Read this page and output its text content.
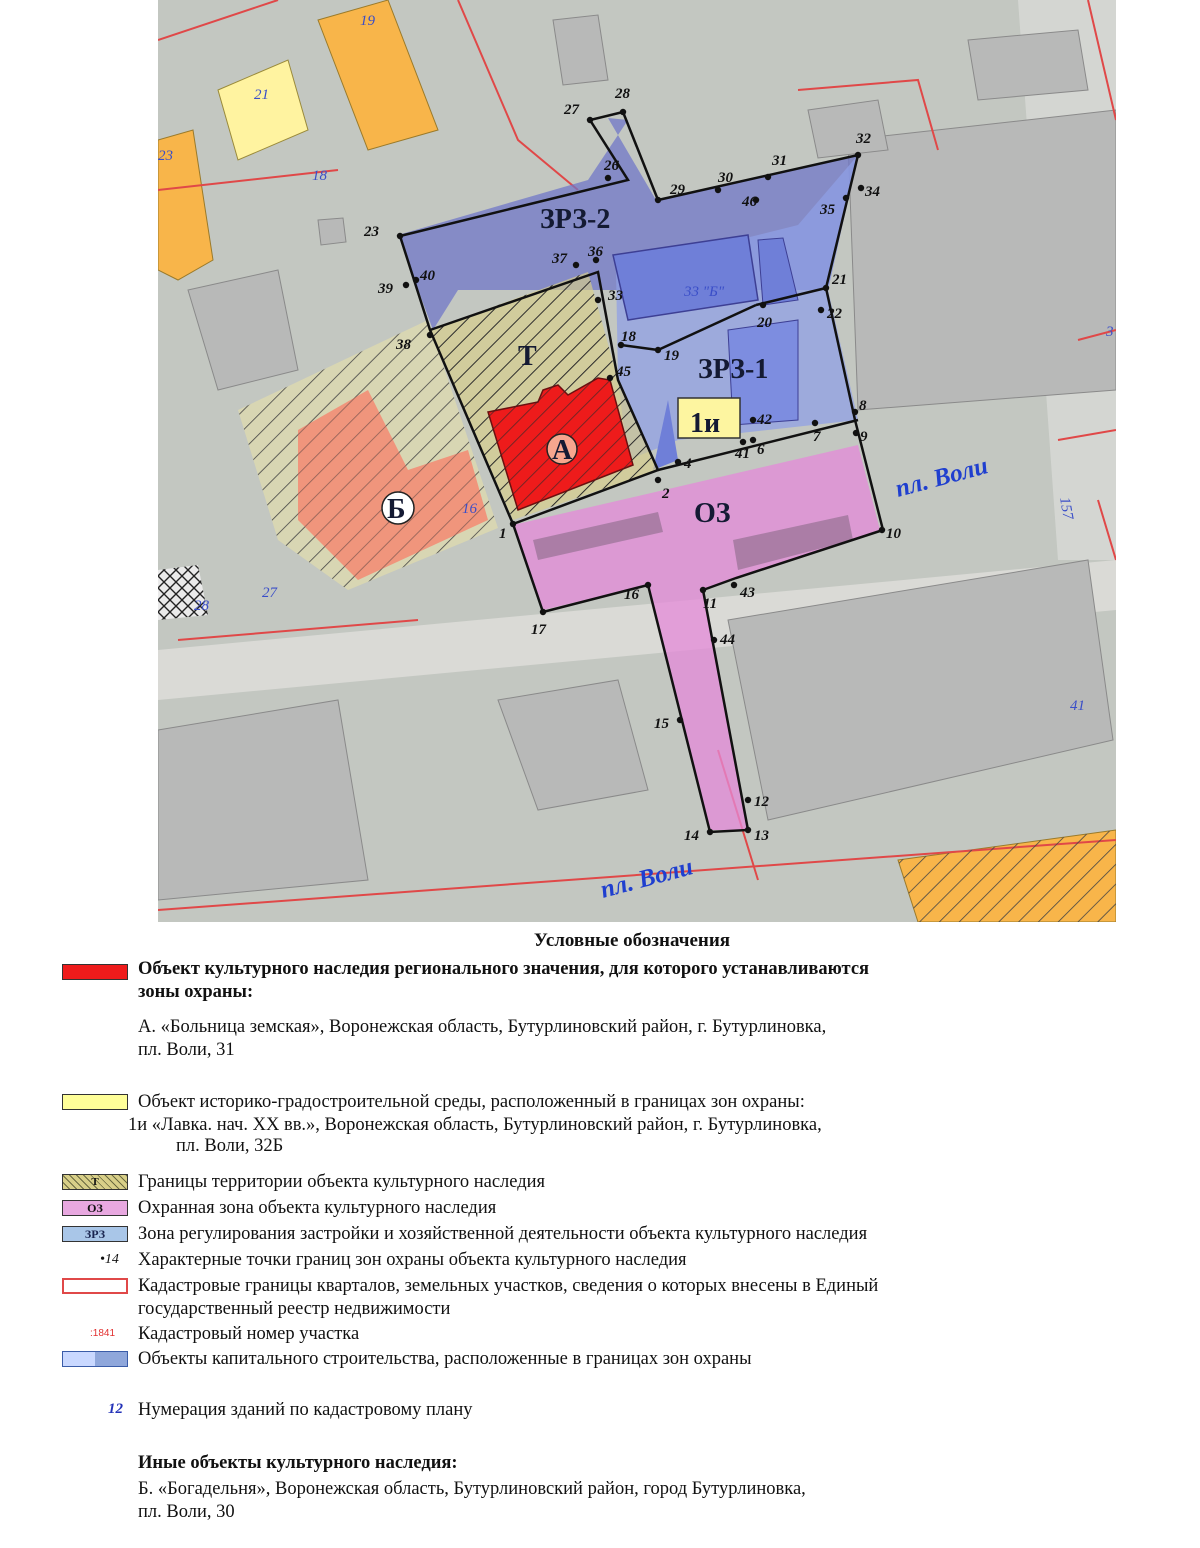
ЗРЗ-2
ЗРЗ-1
Т
ОЗ
А
Б
1и
33 "Б"
пл. Воли
пл. Воли
19
21
23
18
27
28
41
157
3
16
1
2
4
6
7
8
9
10
11
12
13
14
15
16
17
18
19
20
21
22
23
26
27
28
29
30
31
32
33
34
35
36
37
38
39
40
41
42
43
44
45
46
Условные обозначения
Объект культурного наследия регионального значения, для которого устанавливаются
зоны охраны:
А. «Больница земская», Воронежская область, Бутурлиновский район, г. Бутурлиновка,
пл. Воли, 31
Объект историко-градостроительной среды, расположенный в границах зон охраны:
1и «Лавка. нач. ХХ вв.», Воронежская область, Бутурлиновский район, г. Бутурлиновка,
пл. Воли, 32Б
Т	Границы территории объекта культурного наследия
ОЗ	Охранная зона объекта культурного наследия
ЗРЗ	Зона регулирования застройки и хозяйственной деятельности объекта культурного наследия
•14 Характерные точки границ зон охраны объекта культурного наследия
Кадастровые границы кварталов, земельных участков, сведения о которых внесены в Единый
государственный реестр недвижимости
:1841 Кадастровый номер участка
Объекты капитального строительства, расположенные в границах зон охраны
12 Нумерация зданий по кадастровому плану
Иные объекты культурного наследия:
Б. «Богадельня», Воронежская область, Бутурлиновский район, город Бутурлиновка,
пл. Воли, 30
